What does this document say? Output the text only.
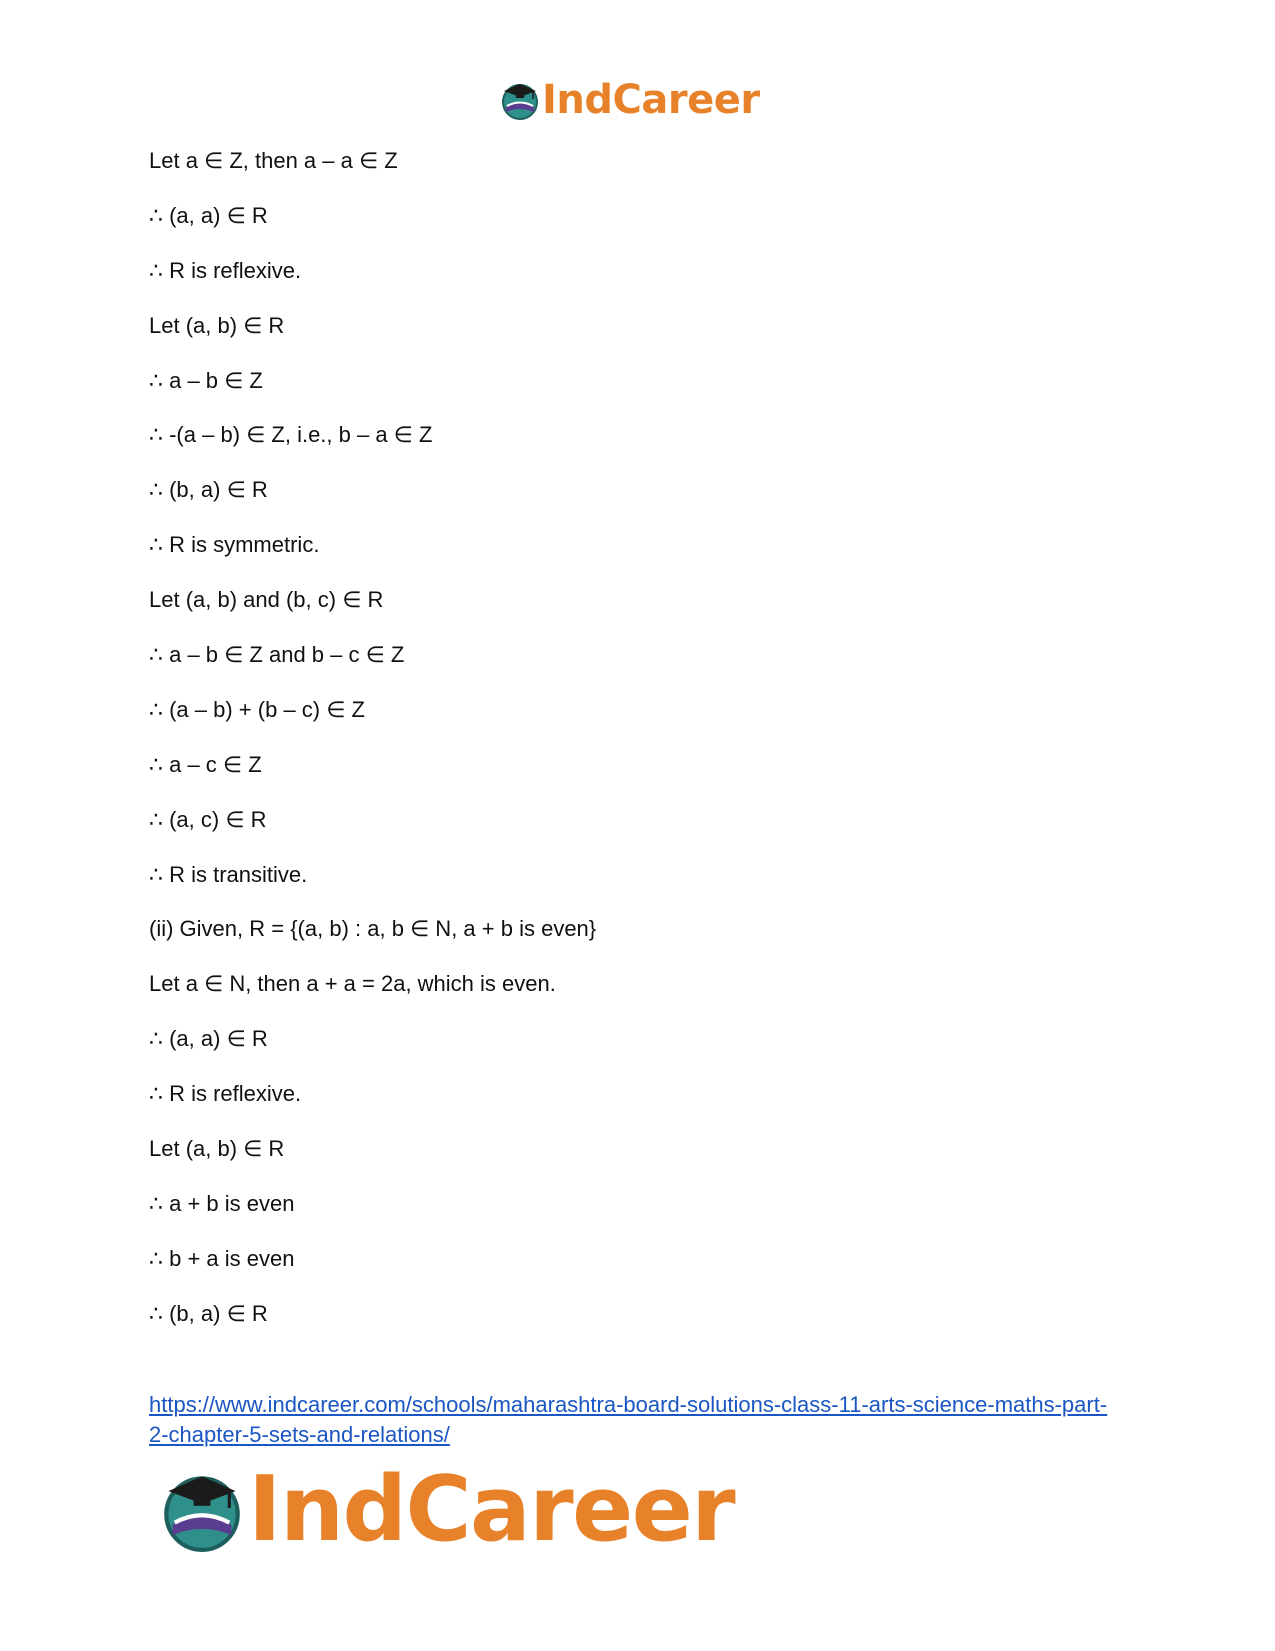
IndCareer
Let a ∈ Z, then a – a ∈ Z
∴ (a, a) ∈ R
∴ R is reflexive.
Let (a, b) ∈ R
∴ a – b ∈ Z
∴ -(a – b) ∈ Z, i.e., b – a ∈ Z
∴ (b, a) ∈ R
∴ R is symmetric.
Let (a, b) and (b, c) ∈ R
∴ a – b ∈ Z and b – c ∈ Z
∴ (a – b) + (b – c) ∈ Z
∴ a – c ∈ Z
∴ (a, c) ∈ R
∴ R is transitive.
(ii) Given, R = {(a, b) : a, b ∈ N, a + b is even}
Let a ∈ N, then a + a = 2a, which is even.
∴ (a, a) ∈ R
∴ R is reflexive.
Let (a, b) ∈ R
∴ a + b is even
∴ b + a is even
∴ (b, a) ∈ R
https://www.indcareer.com/schools/maharashtra-board-solutions-class-11-arts-science-maths-part-2-chapter-5-sets-and-relations/
IndCareer
